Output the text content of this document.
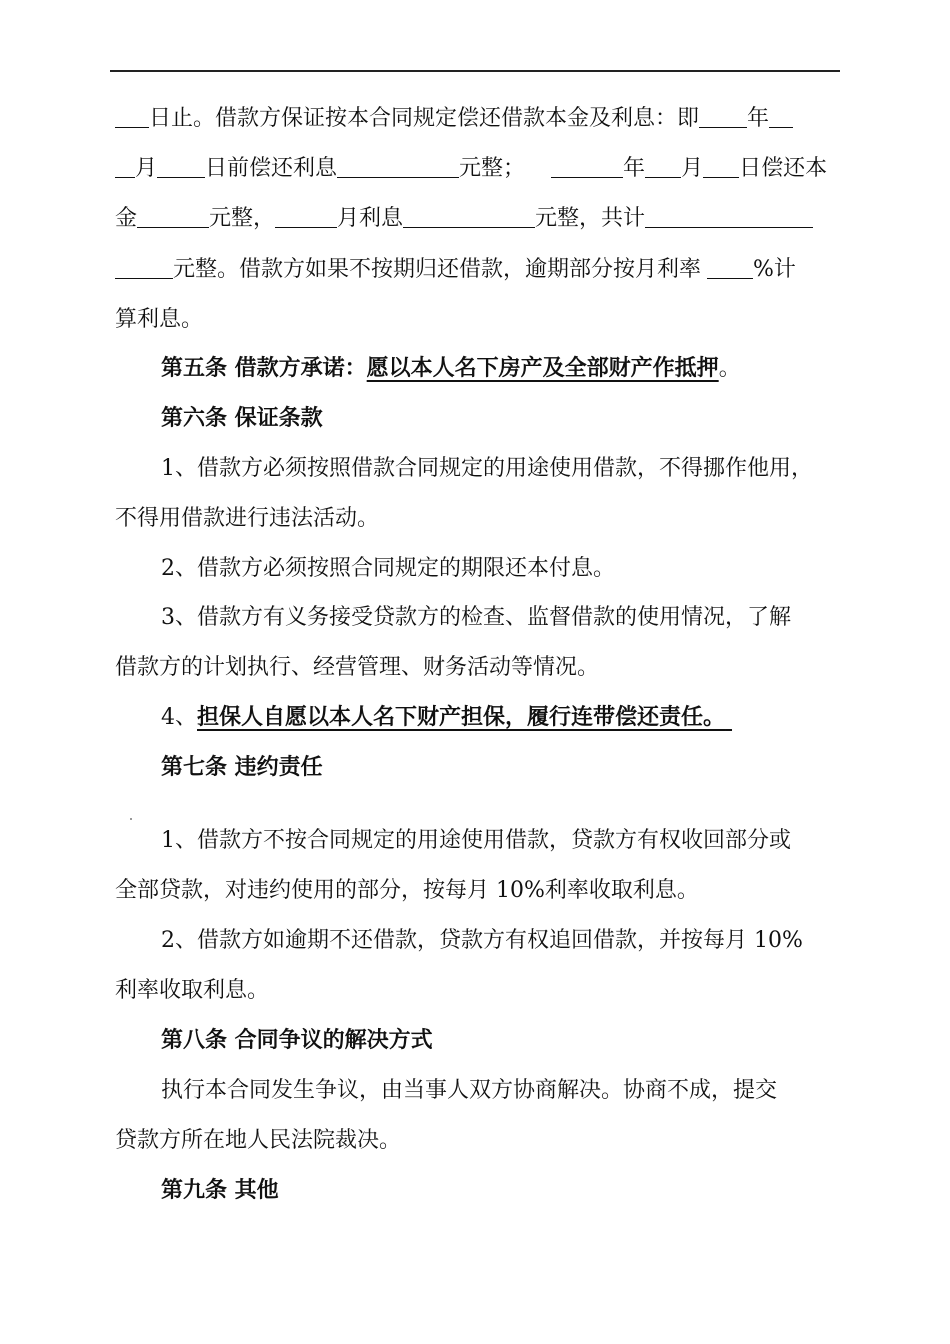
日止。借款方保证按本合同规定偿还借款本金及利息：即 年
月 日前偿还利息	元整；	年 月 日偿还本
金	元整，	月利息	元整，共计
元整。借款方如果不按期归还借款，逾期部分按月利率 %计
算利息。
第五条 借款方承诺：愿以本人名下房产及全部财产作抵押。
第六条 保证条款
1、借款方必须按照借款合同规定的用途使用借款，不得挪作他用，
不得用借款进行违法活动。
2、借款方必须按照合同规定的期限还本付息。
3、借款方有义务接受贷款方的检查、监督借款的使用情况，了解
借款方的计划执行、经营管理、财务活动等情况。
4、担保人自愿以本人名下财产担保，履行连带偿还责任。
第七条 违约责任
1、借款方不按合同规定的用途使用借款，贷款方有权收回部分或
全部贷款，对违约使用的部分，按每月 10%利率收取利息。
2、借款方如逾期不还借款，贷款方有权追回借款，并按每月 10%
利率收取利息。
第八条 合同争议的解决方式
执行本合同发生争议，由当事人双方协商解决。协商不成，提交
贷款方所在地人民法院裁决。
第九条 其他
